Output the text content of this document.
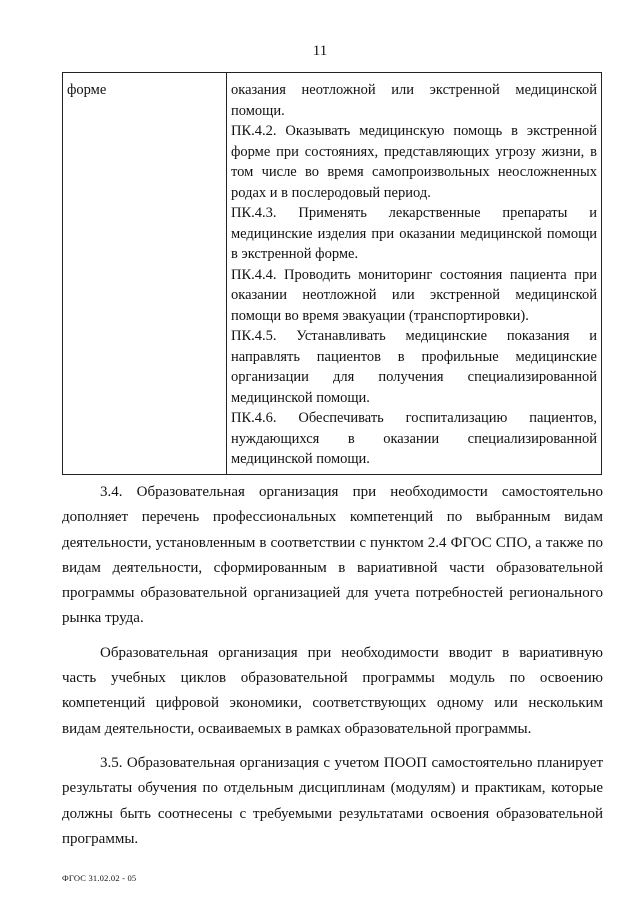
11
форме	оказания неотложной или экстренной медицинской помощи.
ПК.4.2. Оказывать медицинскую помощь в экстренной форме при состояниях, представляющих угрозу жизни, в том числе во время самопроизвольных неосложненных родах и в послеродовый период.
ПК.4.3. Применять лекарственные препараты и медицинские изделия при оказании медицинской помощи в экстренной форме.
ПК.4.4. Проводить мониторинг состояния пациента при оказании неотложной или экстренной медицинской помощи во время эвакуации (транспортировки).
ПК.4.5. Устанавливать медицинские показания и направлять пациентов в профильные медицинские организации для получения специализированной медицинской помощи.
ПК.4.6. Обеспечивать госпитализацию пациентов, нуждающихся в оказании специализированной медицинской помощи.

3.4. Образовательная организация при необходимости самостоятельно дополняет перечень профессиональных компетенций по выбранным видам деятельности, установленным в соответствии с пунктом 2.4 ФГОС СПО, а также по видам деятельности, сформированным в вариативной части образовательной программы образовательной организацией для учета потребностей регионального рынка труда.

Образовательная организация при необходимости вводит в вариативную часть учебных циклов образовательной программы модуль по освоению компетенций цифровой экономики, соответствующих одному или нескольким видам деятельности, осваиваемых в рамках образовательной программы.

3.5. Образовательная организация с учетом ПООП самостоятельно планирует результаты обучения по отдельным дисциплинам (модулям) и практикам, которые должны быть соотнесены с требуемыми результатами освоения образовательной программы.

ФГОС 31.02.02 - 05
